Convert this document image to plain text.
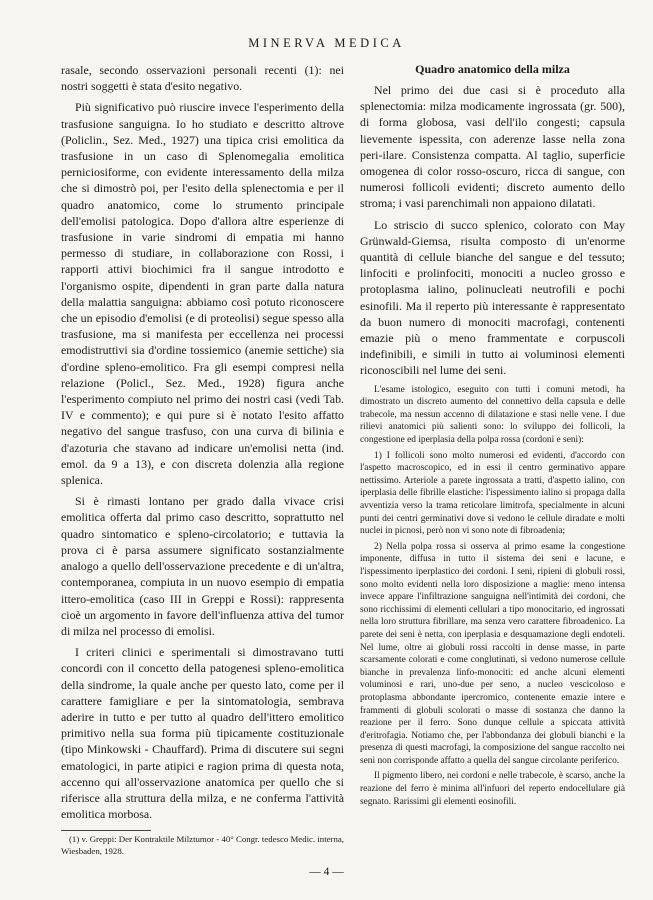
MINERVA MEDICA

rasale, secondo osservazioni personali recenti (1): nei nostri soggetti è stata d'esito negativo.

Più significativo può riuscire invece l'esperimento della trasfusione sanguigna. Io ho studiato e descritto altrove (Policlin., Sez. Med., 1927) una tipica crisi emolitica da trasfusione in un caso di Splenomegalia emolitica perniciosiforme, con evidente interessamento della milza che si dimostrò poi, per l'esito della splenectomia e per il quadro anatomico, come lo strumento principale dell'emolisi patologica. Dopo d'allora altre esperienze di trasfusione in varie sindromi di empatia mi hanno permesso di studiare, in collaborazione con Rossi, i rapporti attivi biochimici fra il sangue introdotto e l'organismo ospite, dipendenti in gran parte dalla natura della malattia sanguigna: abbiamo così potuto riconoscere che un episodio d'emolisi (e di proteolisi) segue spesso alla trasfusione, ma si manifesta per eccellenza nei processi emodistruttivi sia d'ordine tossiemico (anemie settiche) sia d'ordine spleno-emolitico. Fra gli esempi compresi nella relazione (Policl., Sez. Med., 1928) figura anche l'esperimento compiuto nel primo dei nostri casi (vedi Tab. IV e commento); e qui pure si è notato l'esito affatto negativo del sangue trasfuso, con una curva di bilinia e d'azoturia che stavano ad indicare un'emolisi netta (ind. emol. da 9 a 13), e con discreta dolenzia alla regione splenica.

Si è rimasti lontano per grado dalla vivace crisi emolitica offerta dal primo caso descritto, soprattutto nel quadro sintomatico e spleno-circolatorio; e tuttavia la prova ci è parsa assumere significato sostanzialmente analogo a quello dell'osservazione precedente e di un'altra, contemporanea, compiuta in un nuovo esempio di empatia ittero-emolitica (caso III in Greppi e Rossi): rappresenta cioè un argomento in favore dell'influenza attiva del tumor di milza nel processo di emolisi.

I criteri clinici e sperimentali si dimostravano tutti concordi con il concetto della patogenesi spleno-emolitica della sindrome, la quale anche per questo lato, come per il carattere famigliare e per la sintomatologia, sembrava aderire in tutto e per tutto al quadro dell'ittero emolitico primitivo nella sua forma più tipicamente costituzionale (tipo Minkowski - Chauffard). Prima di discutere sui segni ematologici, in parte atipici e ragion prima di questa nota, accenno qui all'osservazione anatomica per quello che si riferisce alla struttura della milza, e ne conferma l'attività emolitica morbosa.

(1) v. Greppi: Der Kontraktile Milztumor - 40° Congr. tedesco Medic. interna, Wiesbaden, 1928.

Quadro anatomico della milza

Nel primo dei due casi si è proceduto alla splenectomia: milza modicamente ingrossata (gr. 500), di forma globosa, vasi dell'ilo congesti; capsula lievemente ispessita, con aderenze lasse nella zona peri-ilare. Consistenza compatta. Al taglio, superficie omogenea di color rosso-oscuro, ricca di sangue, con numerosi follicoli evidenti; discreto aumento dello stroma; i vasi parenchimali non appaiono dilatati.

Lo striscio di succo splenico, colorato con May Grünwald-Giemsa, risulta composto di un'enorme quantità di cellule bianche del sangue e del tessuto; linfociti e prolinfociti, monociti a nucleo grosso e protoplasma ialino, polinucleati neutrofili e pochi esinofili. Ma il reperto più interessante è rappresentato da buon numero di monociti macrofagi, contenenti emazie più o meno frammentate e corpuscoli indefinibili, e simili in tutto ai voluminosi elementi riconoscibili nel lume dei seni.

L'esame istologico, eseguito con tutti i comuni metodi, ha dimostrato un discreto aumento del connettivo della capsula e delle trabecole, ma nessun accenno di dilatazione e stasi nelle vene. I due rilievi anatomici più salienti sono: lo sviluppo dei follicoli, la congestione ed iperplasia della polpa rossa (cordoni e seni):

1) I follicoli sono molto numerosi ed evidenti, d'accordo con l'aspetto macroscopico, ed in essi il centro germinativo appare nettissimo. Arteriole a parete ingrossata a tratti, d'aspetto ialino, con iperplasia delle fibrille elastiche: l'ispessimento ialino si propaga dalla avventizia verso la trama reticolare limitrofa, specialmente in alcuni punti dei centri germinativi dove si vedono le cellule diradate e molti nuclei in picnosi, però non vi sono note di fibroadenia;

2) Nella polpa rossa si osserva al primo esame la congestione imponente, diffusa in tutto il sistema dei seni e lacune, e l'ispessimento iperplastico dei cordoni. I seni, ripieni di globuli rossi, sono molto evidenti nella loro disposizione a maglie: meno intensa invece appare l'infiltrazione sanguigna nell'intimità dei cordoni, che sono ricchissimi di elementi cellulari a tipo monocitario, ed ingrossati nella loro struttura fibrillare, ma senza vero carattere fibroadenico. La parete dei seni è netta, con iperplasia e desquamazione degli endoteli. Nel lume, oltre ai globuli rossi raccolti in dense masse, in parte scarsamente colorati e come conglutinati, si vedono numerose cellule bianche in prevalenza linfo-monociti: ed anche alcuni elementi voluminosi e rari, uno-due per seno, a nucleo vescicoloso e protoplasma abbondante ipercromico, contenente emazie intere e frammenti di globuli scolorati o masse di sostanza che danno la reazione per il ferro. Sono dunque cellule a spiccata attività d'eritrofagia. Notiamo che, per l'abbondanza dei globuli bianchi e la presenza di questi macrofagi, la composizione del sangue raccolto nei seni non corrisponde affatto a quella del sangue circolante periferico.

Il pigmento libero, nei cordoni e nelle trabecole, è scarso, anche la reazione del ferro è minima all'infuori del reperto endocellulare già segnato. Rarissimi gli elementi eosinofili.

— 4 —
